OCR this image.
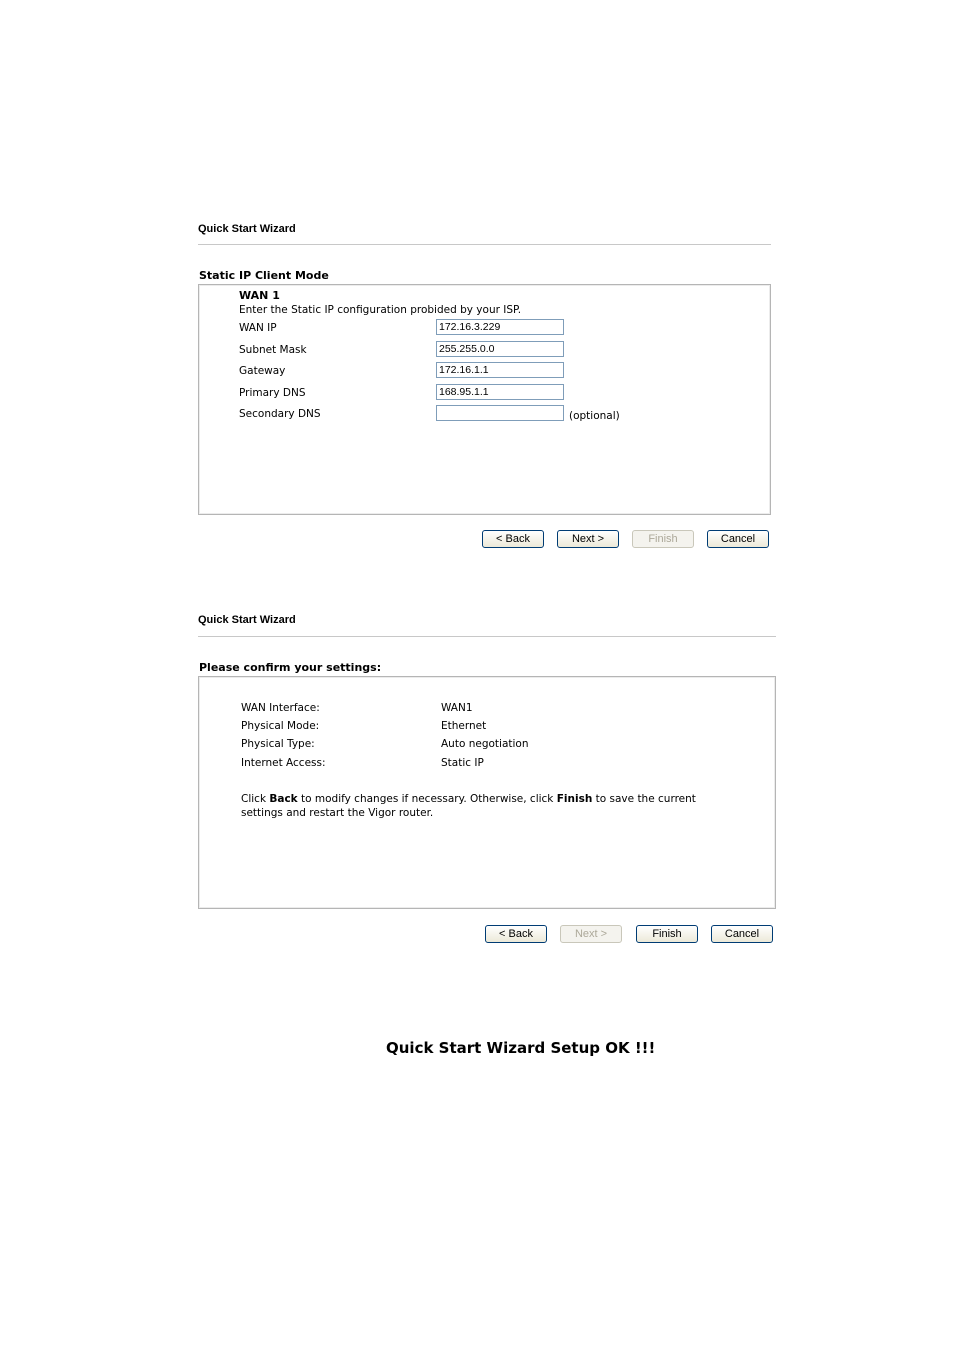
Quick Start Wizard
Static IP Client Mode
WAN 1
Enter the Static IP configuration probided by your ISP.
WAN IP	172.16.3.229
Subnet Mask	255.255.0.0
Gateway	172.16.1.1
Primary DNS	168.95.1.1
Secondary DNS	(optional)
< Back	Next >	Finish	Cancel
Quick Start Wizard
Please confirm your settings:
WAN Interface:	WAN1
Physical Mode:	Ethernet
Physical Type:	Auto negotiation
Internet Access:	Static IP
Click Back to modify changes if necessary. Otherwise, click Finish to save the current
settings and restart the Vigor router.
< Back	Next >	Finish	Cancel
Quick Start Wizard Setup OK !!!
